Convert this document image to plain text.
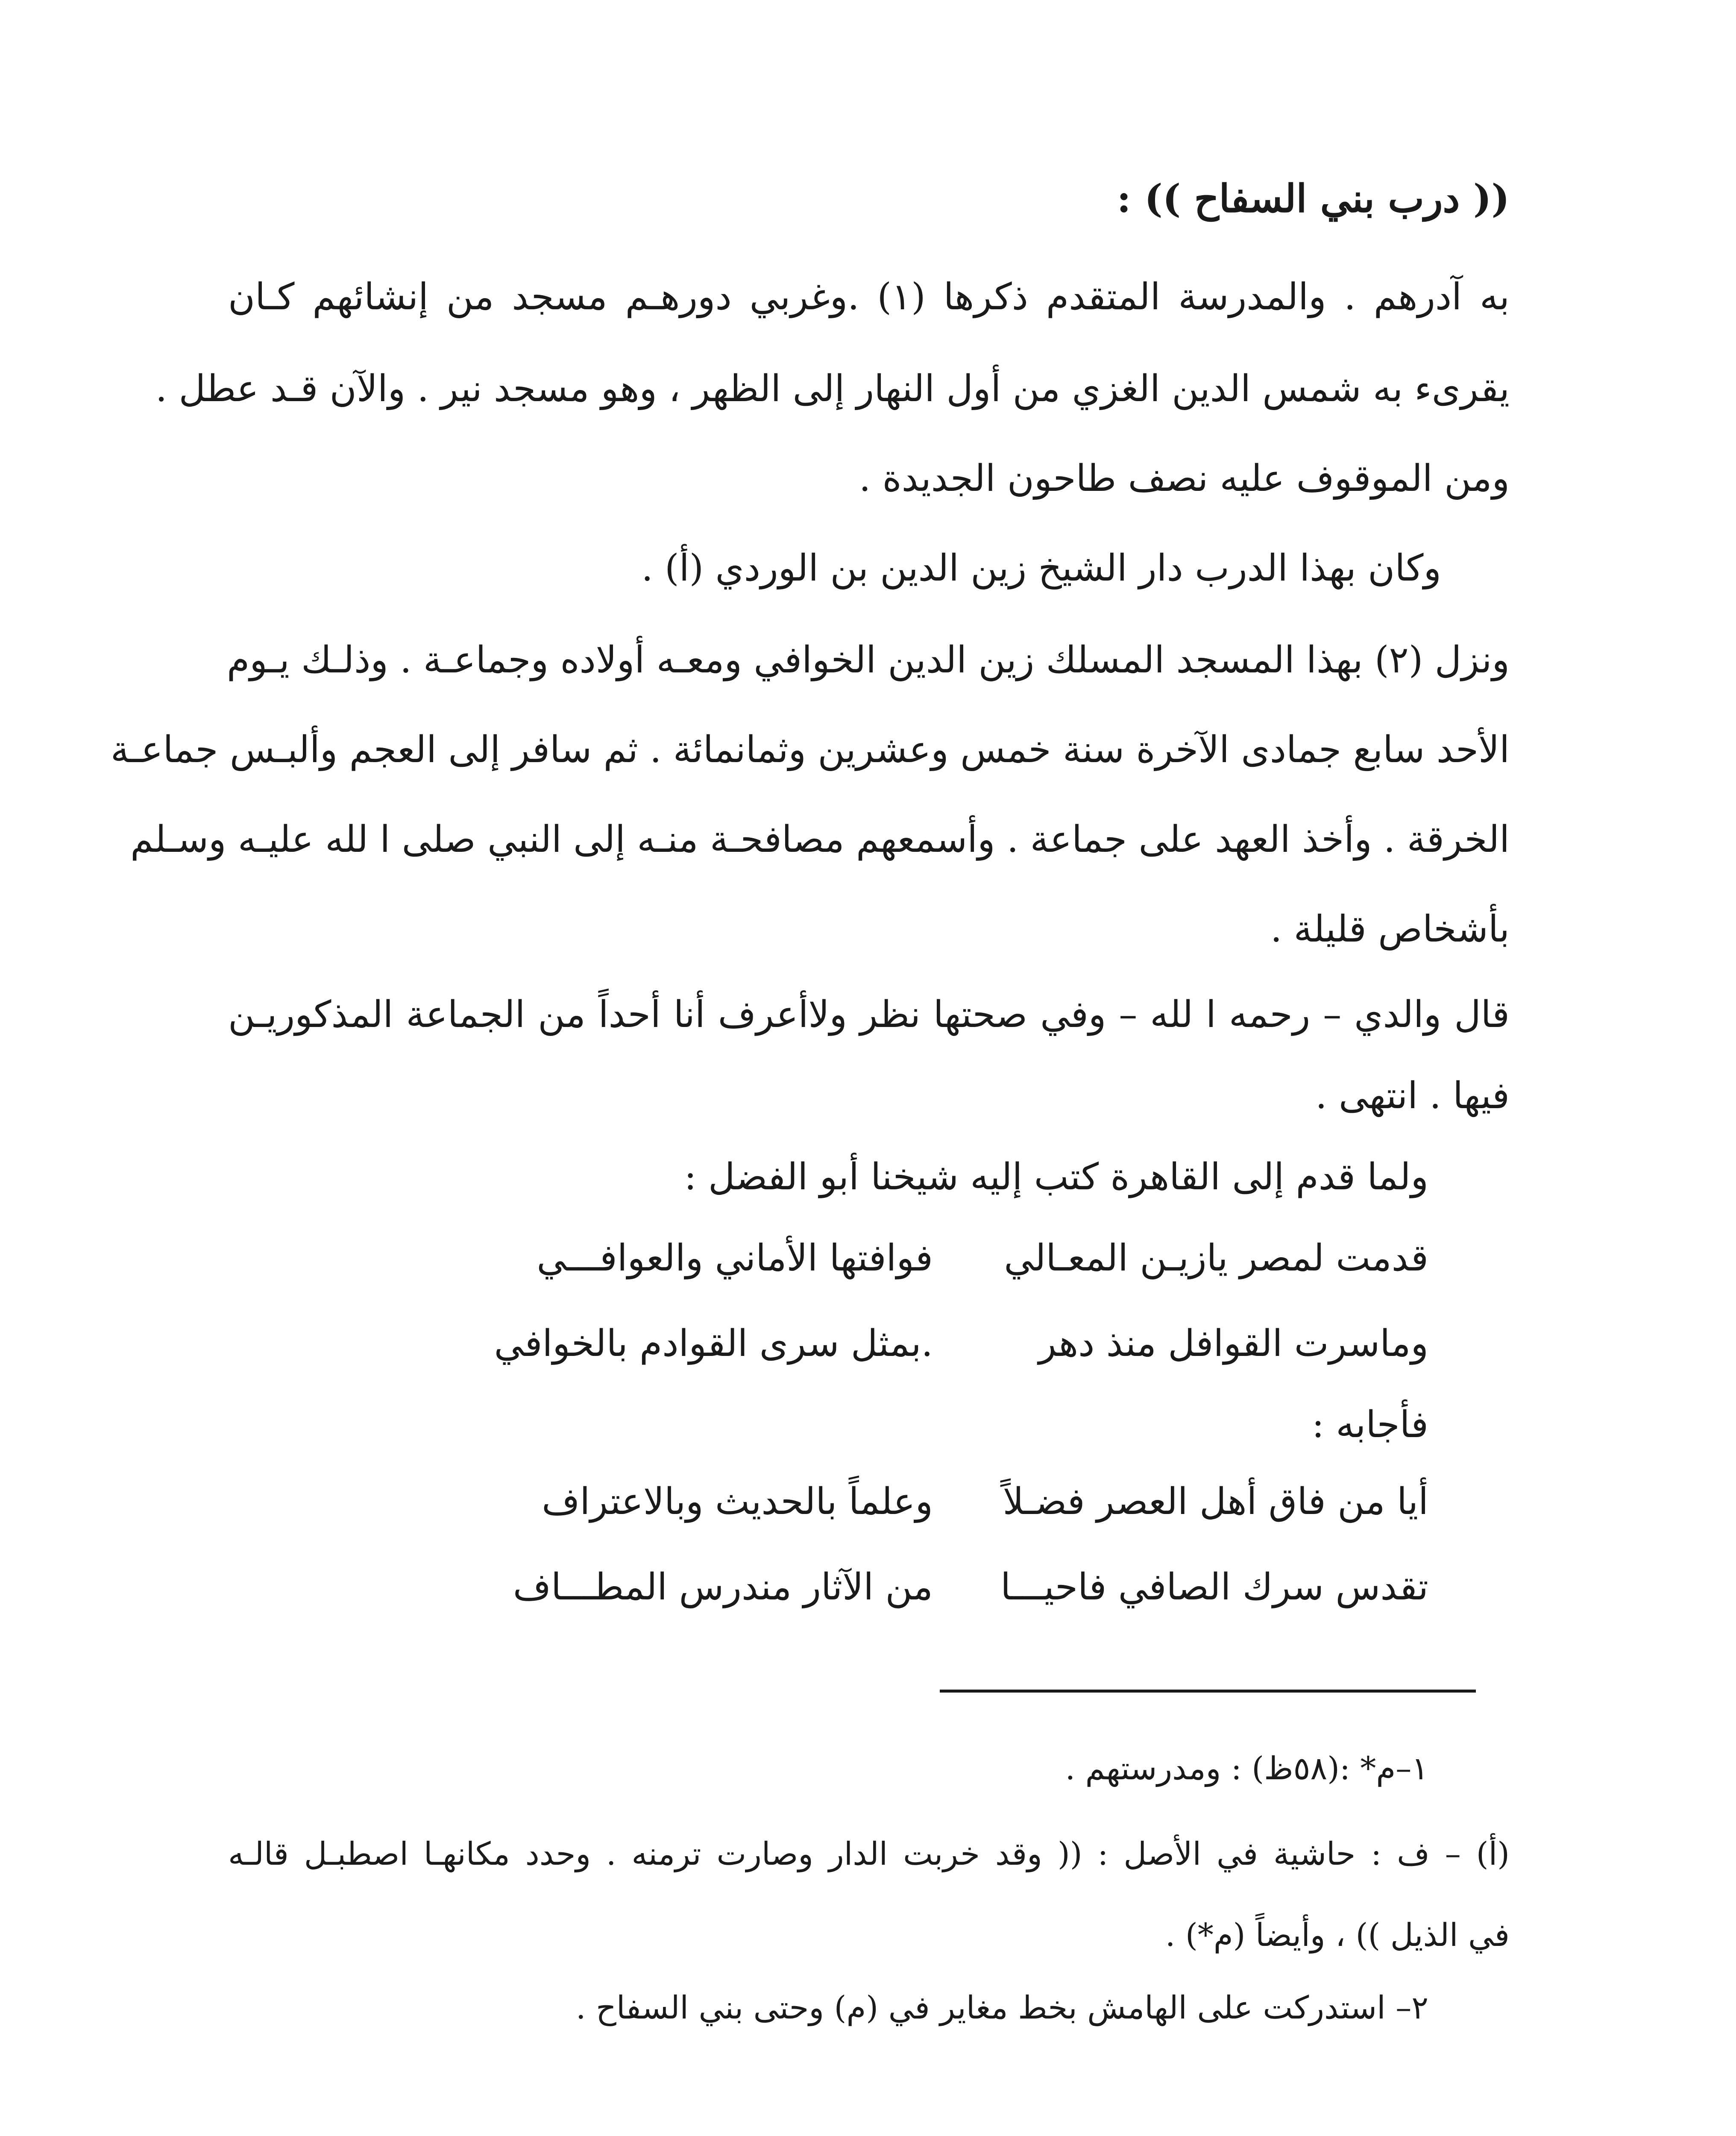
(( درب بني السفاح )) :
به آدرهم . والمدرسة المتقدم ذكرها (١) .وغربي دورهـم مسجد من إنشائهم كـان
يقرىء به شمس الدين الغزي من أول النهار إلى الظهر ، وهو مسجد نير . والآن قـد عطل .
ومن الموقوف عليه نصف طاحون الجديدة .
وكان بهذا الدرب دار الشيخ زين الدين بن الوردي (أ) .
ونزل (٢) بهذا المسجد المسلك زين الدين الخوافي ومعـه أولاده وجماعـة . وذلـك يـوم
الأحد سابع جمادى الآخرة سنة خمس وعشرين وثمانمائة . ثم سافر إلى العجم وألبـس جماعـة
الخرقة . وأخذ العهد على جماعة . وأسمعهم مصافحـة منـه إلى النبي صلى ا لله عليـه وسـلم
بأشخاص قليلة .
قال والدي – رحمه ا لله – وفي صحتها نظر ولاأعرف أنا أحداً من الجماعة المذكوريـن
فيها . انتهى .
ولما قدم إلى القاهرة كتب إليه شيخنا أبو الفضل :
قدمت لمصر يازيـن المعـالي
فوافتها الأماني والعوافـــي
وماسرت القوافل منذ دهر
.بمثل سرى القوادم بالخوافي
فأجابه :
أيا من فاق أهل العصر فضـلاً
وعلماً بالحديث وبالاعتراف
تقدس سرك الصافي فاحيـــا
من الآثار مندرس المطـــاف
١–م* :(٥٨ظ) : ومدرستهم .
(أ) – ف : حاشية في الأصل : (( وقد خربت الدار وصارت ترمنه . وحدد مكانهـا اصطبـل قالـه
في الذيل )) ، وأيضاً (م*) .
٢– استدركت على الهامش بخط مغاير في (م) وحتى بني السفاح .
